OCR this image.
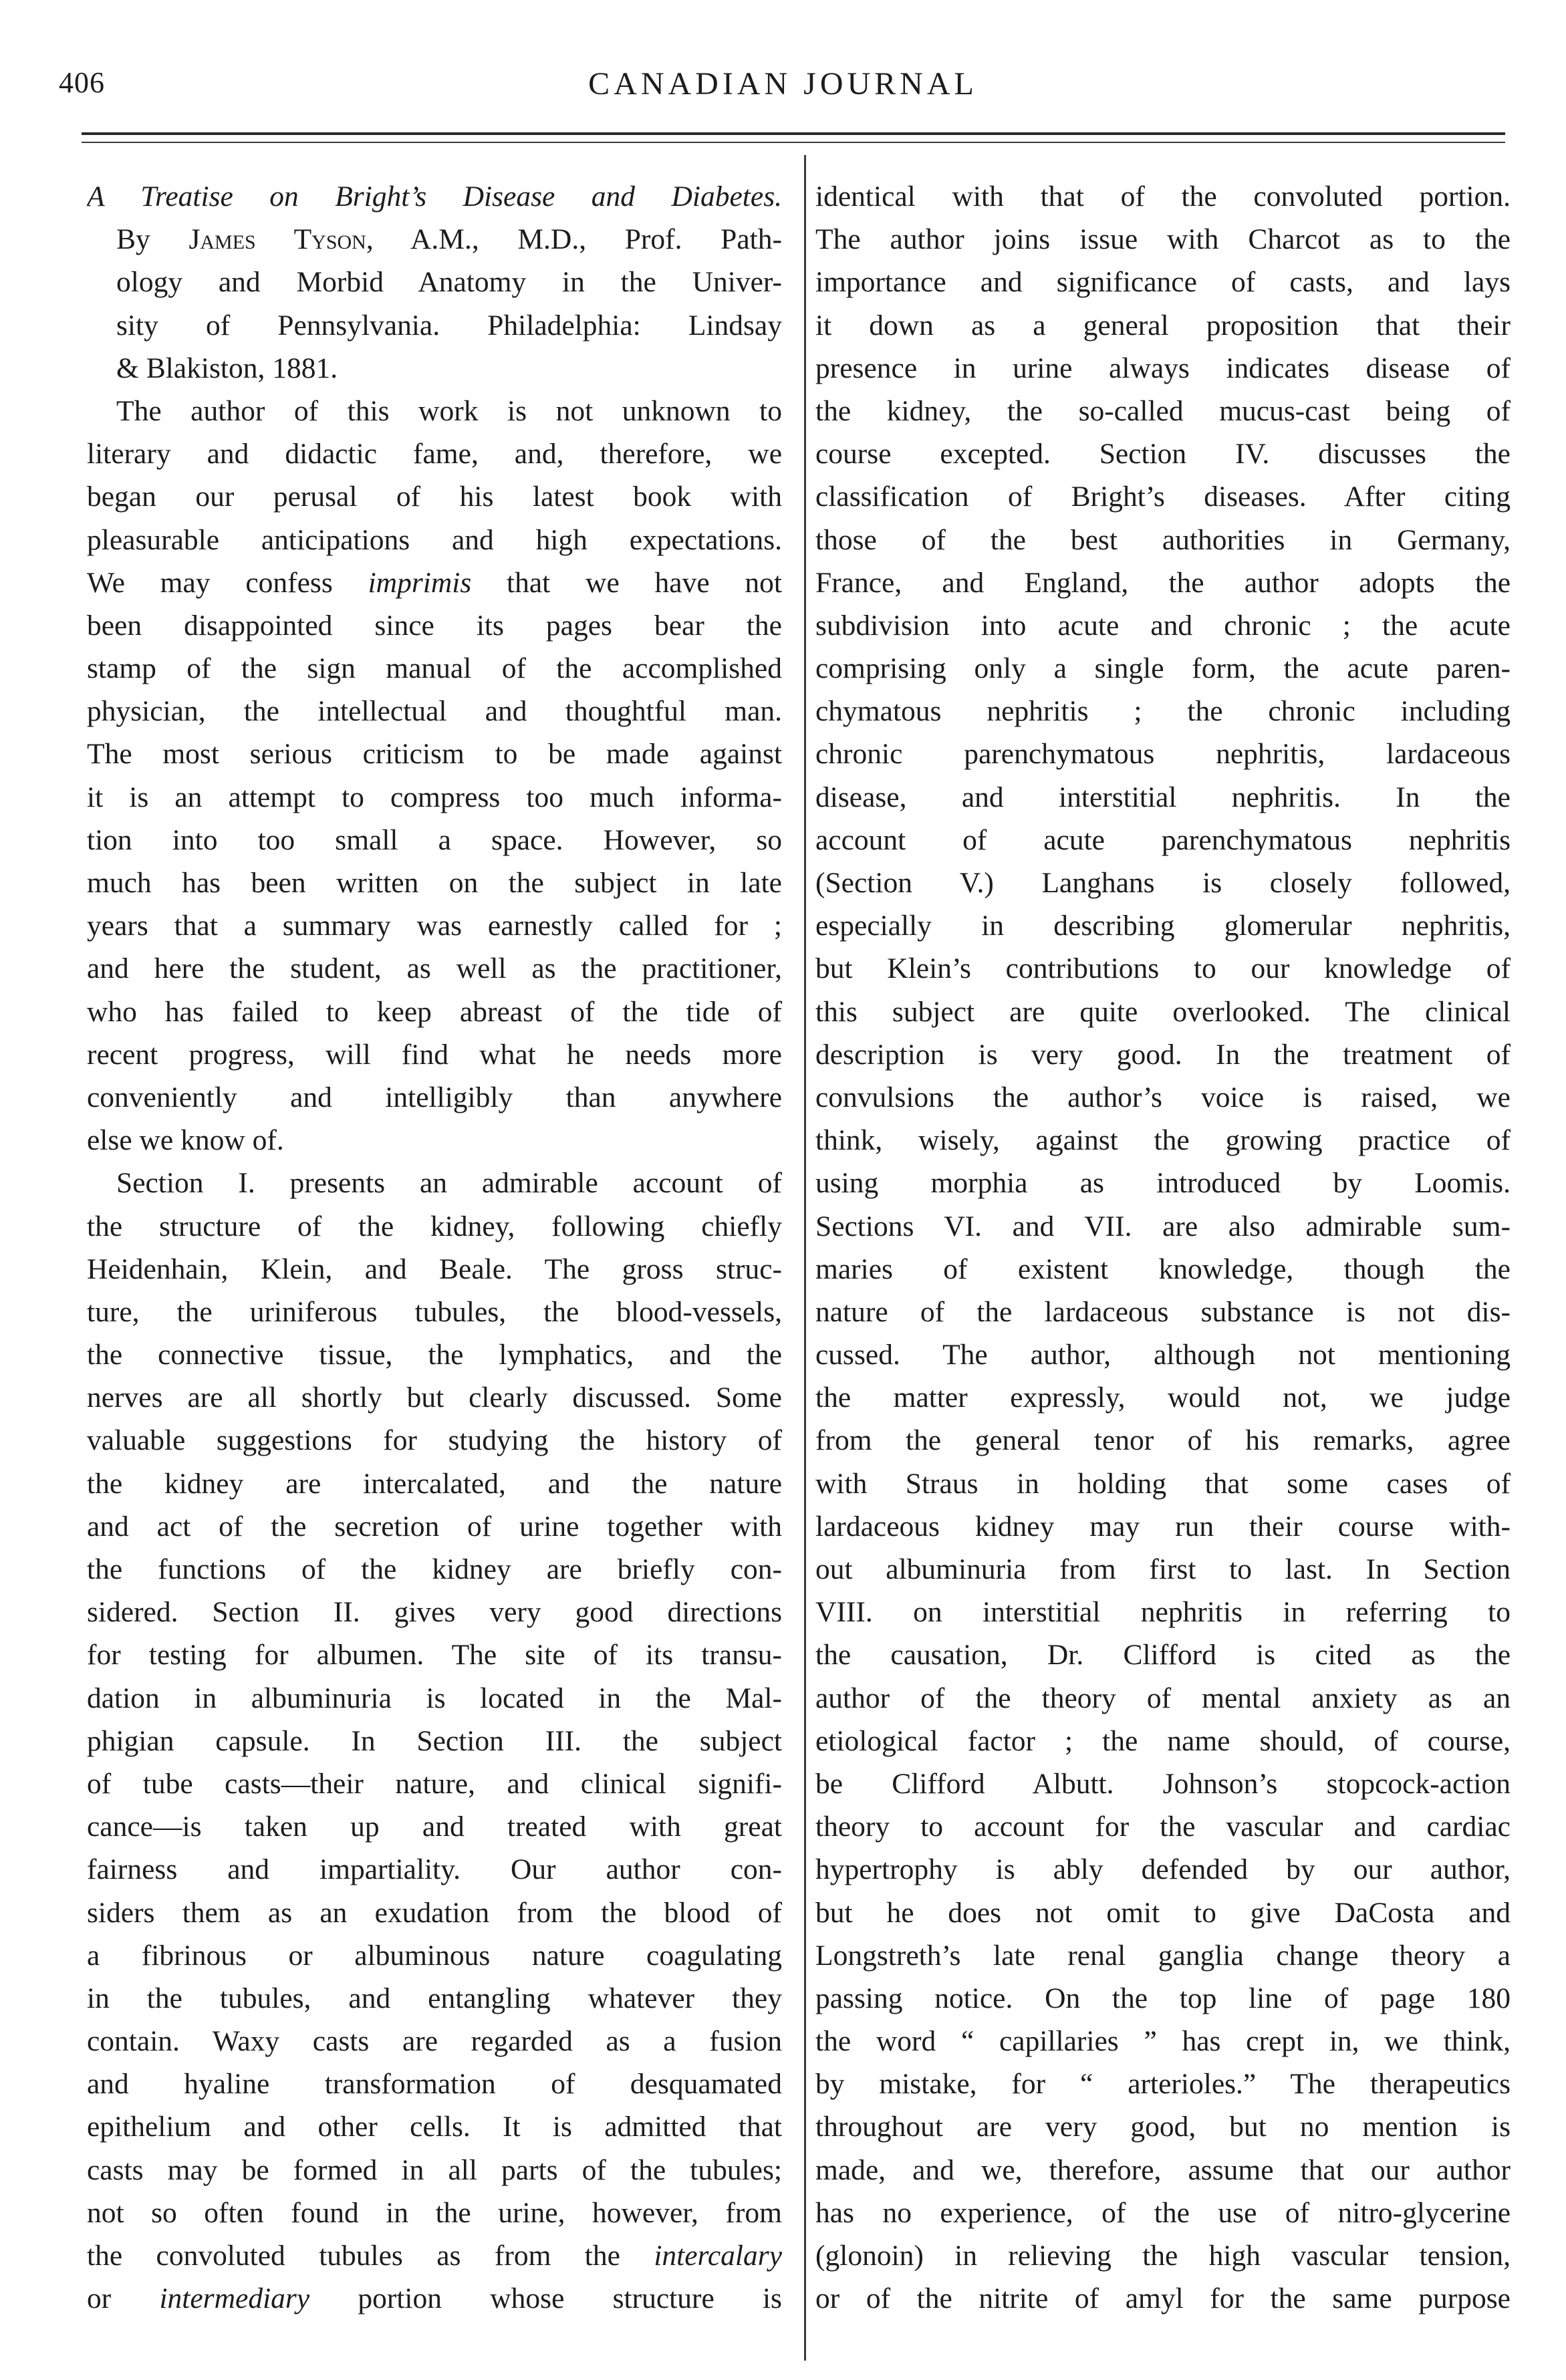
406	CANADIAN JOURNAL
A Treatise on Bright’s Disease and Diabetes.
By James Tyson, A.M., M.D., Prof. Path-
ology and Morbid Anatomy in the Univer-
sity of Pennsylvania. Philadelphia: Lindsay
& Blakiston, 1881.
The author of this work is not unknown to
literary and didactic fame, and, therefore, we
began our perusal of his latest book with
pleasurable anticipations and high expectations.
We may confess imprimis that we have not
been disappointed since its pages bear the
stamp of the sign manual of the accomplished
physician, the intellectual and thoughtful man.
The most serious criticism to be made against
it is an attempt to compress too much informa-
tion into too small a space. However, so
much has been written on the subject in late
years that a summary was earnestly called for ;
and here the student, as well as the practitioner,
who has failed to keep abreast of the tide of
recent progress, will find what he needs more
conveniently and intelligibly than anywhere
else we know of.
Section I. presents an admirable account of
the structure of the kidney, following chiefly
Heidenhain, Klein, and Beale. The gross struc-
ture, the uriniferous tubules, the blood-vessels,
the connective tissue, the lymphatics, and the
nerves are all shortly but clearly discussed. Some
valuable suggestions for studying the history of
the kidney are intercalated, and the nature
and act of the secretion of urine together with
the functions of the kidney are briefly con-
sidered. Section II. gives very good directions
for testing for albumen. The site of its transu-
dation in albuminuria is located in the Mal-
phigian capsule. In Section III. the subject
of tube casts—their nature, and clinical signifi-
cance—is taken up and treated with great
fairness and impartiality. Our author con-
siders them as an exudation from the blood of
a fibrinous or albuminous nature coagulating
in the tubules, and entangling whatever they
contain. Waxy casts are regarded as a fusion
and hyaline transformation of desquamated
epithelium and other cells. It is admitted that
casts may be formed in all parts of the tubules;
not so often found in the urine, however, from
the convoluted tubules as from the intercalary
or intermediary portion whose structure is
identical with that of the convoluted portion.
The author joins issue with Charcot as to the
importance and significance of casts, and lays
it down as a general proposition that their
presence in urine always indicates disease of
the kidney, the so-called mucus-cast being of
course excepted. Section IV. discusses the
classification of Bright’s diseases. After citing
those of the best authorities in Germany,
France, and England, the author adopts the
subdivision into acute and chronic ; the acute
comprising only a single form, the acute paren-
chymatous nephritis ; the chronic including
chronic parenchymatous nephritis, lardaceous
disease, and interstitial nephritis. In the
account of acute parenchymatous nephritis
(Section V.) Langhans is closely followed,
especially in describing glomerular nephritis,
but Klein’s contributions to our knowledge of
this subject are quite overlooked. The clinical
description is very good. In the treatment of
convulsions the author’s voice is raised, we
think, wisely, against the growing practice of
using morphia as introduced by Loomis.
Sections VI. and VII. are also admirable sum-
maries of existent knowledge, though the
nature of the lardaceous substance is not dis-
cussed. The author, although not mentioning
the matter expressly, would not, we judge
from the general tenor of his remarks, agree
with Straus in holding that some cases of
lardaceous kidney may run their course with-
out albuminuria from first to last. In Section
VIII. on interstitial nephritis in referring to
the causation, Dr. Clifford is cited as the
author of the theory of mental anxiety as an
etiological factor ; the name should, of course,
be Clifford Albutt. Johnson’s stopcock-action
theory to account for the vascular and cardiac
hypertrophy is ably defended by our author,
but he does not omit to give DaCosta and
Longstreth’s late renal ganglia change theory a
passing notice. On the top line of page 180
the word “ capillaries ” has crept in, we think,
by mistake, for “ arterioles.” The therapeutics
throughout are very good, but no mention is
made, and we, therefore, assume that our author
has no experience, of the use of nitro-glycerine
(glonoin) in relieving the high vascular tension,
or of the nitrite of amyl for the same purpose
